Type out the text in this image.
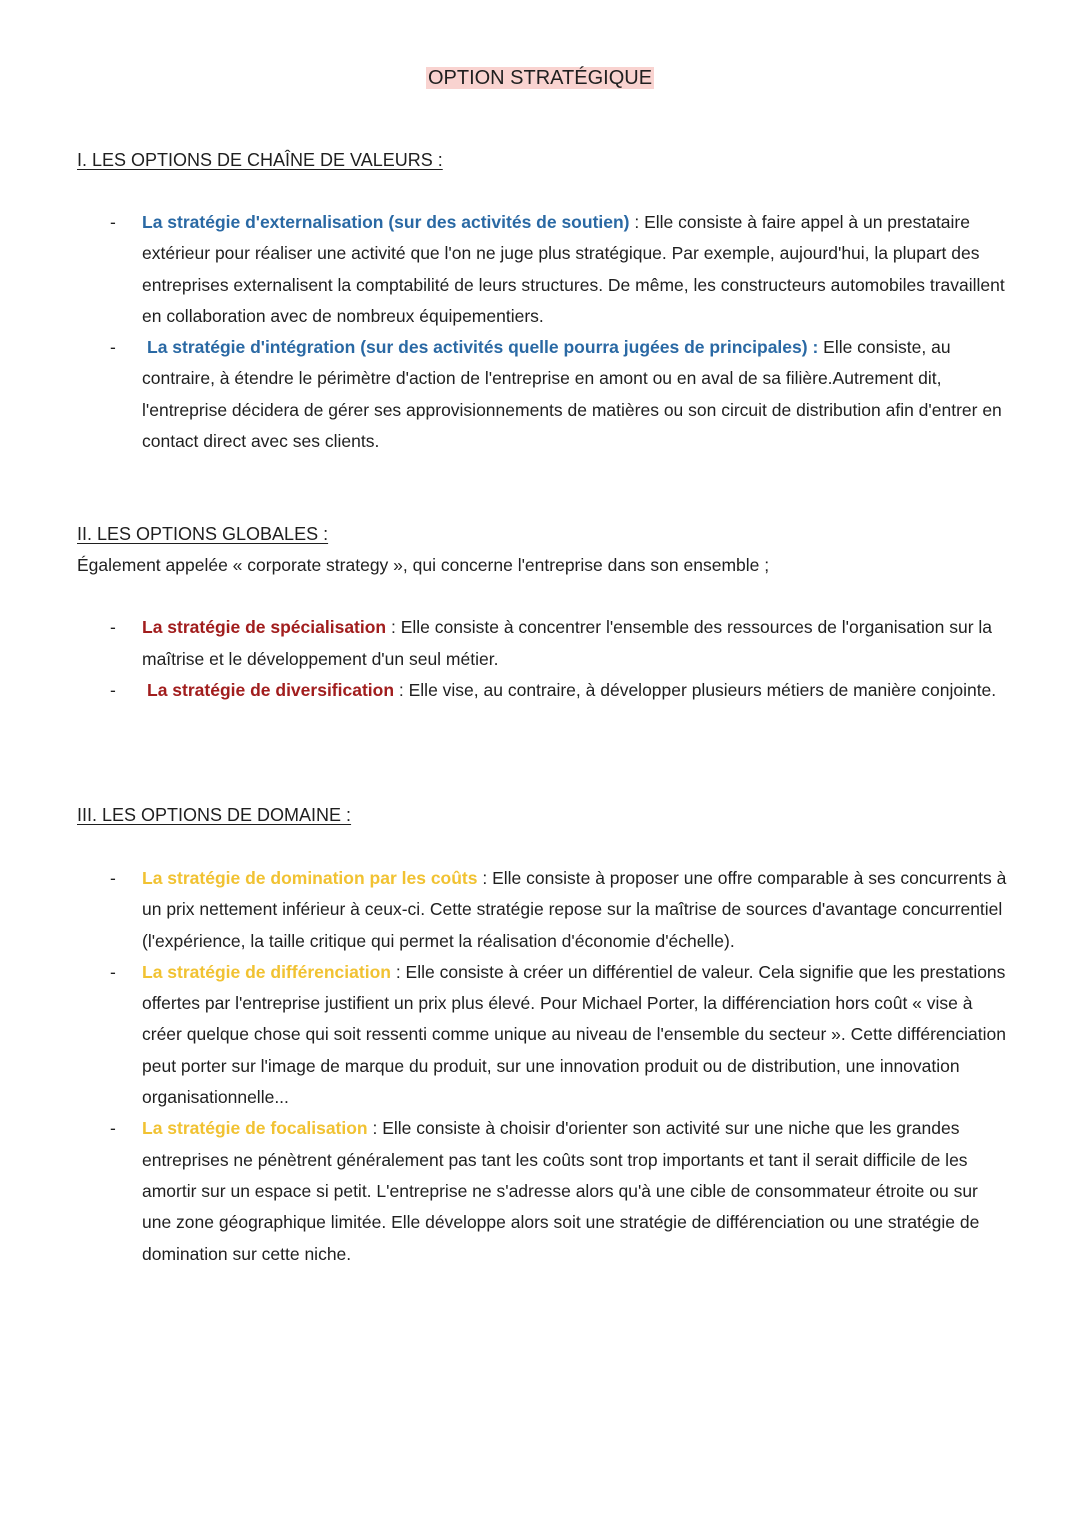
OPTION STRATÉGIQUE
I. LES OPTIONS DE CHAÎNE DE VALEURS :
- La stratégie d'externalisation (sur des activités de soutien) : Elle consiste à faire appel à un prestataire extérieur pour réaliser une activité que l'on ne juge plus stratégique. Par exemple, aujourd'hui, la plupart des entreprises externalisent la comptabilité de leurs structures. De même, les constructeurs automobiles travaillent en collaboration avec de nombreux équipementiers.
- La stratégie d'intégration (sur des activités quelle pourra jugées de principales) : Elle consiste, au contraire, à étendre le périmètre d'action de l'entreprise en amont ou en aval de sa filière.Autrement dit, l'entreprise décidera de gérer ses approvisionnements de matières ou son circuit de distribution afin d'entrer en contact direct avec ses clients.
II. LES OPTIONS GLOBALES :

Également appelée « corporate strategy », qui concerne l'entreprise dans son ensemble ;

- La stratégie de spécialisation : Elle consiste à concentrer l'ensemble des ressources de l'organisation sur la maîtrise et le développement d'un seul métier.
- La stratégie de diversification : Elle vise, au contraire, à développer plusieurs métiers de manière conjointe.
III. LES OPTIONS DE DOMAINE :
- La stratégie de domination par les coûts : Elle consiste à proposer une offre comparable à ses concurrents à un prix nettement inférieur à ceux-ci. Cette stratégie repose sur la maîtrise de sources d'avantage concurrentiel (l'expérience, la taille critique qui permet la réalisation d'économie d'échelle).
- La stratégie de différenciation : Elle consiste à créer un différentiel de valeur. Cela signifie que les prestations offertes par l'entreprise justifient un prix plus élevé. Pour Michael Porter, la différenciation hors coût « vise à créer quelque chose qui soit ressenti comme unique au niveau de l'ensemble du secteur ». Cette différenciation peut porter sur l'image de marque du produit, sur une innovation produit ou de distribution, une innovation organisationnelle...
- La stratégie de focalisation : Elle consiste à choisir d'orienter son activité sur une niche que les grandes entreprises ne pénètrent généralement pas tant les coûts sont trop importants et tant il serait difficile de les amortir sur un espace si petit. L'entreprise ne s'adresse alors qu'à une cible de consommateur étroite ou sur une zone géographique limitée. Elle développe alors soit une stratégie de différenciation ou une stratégie de domination sur cette niche.
